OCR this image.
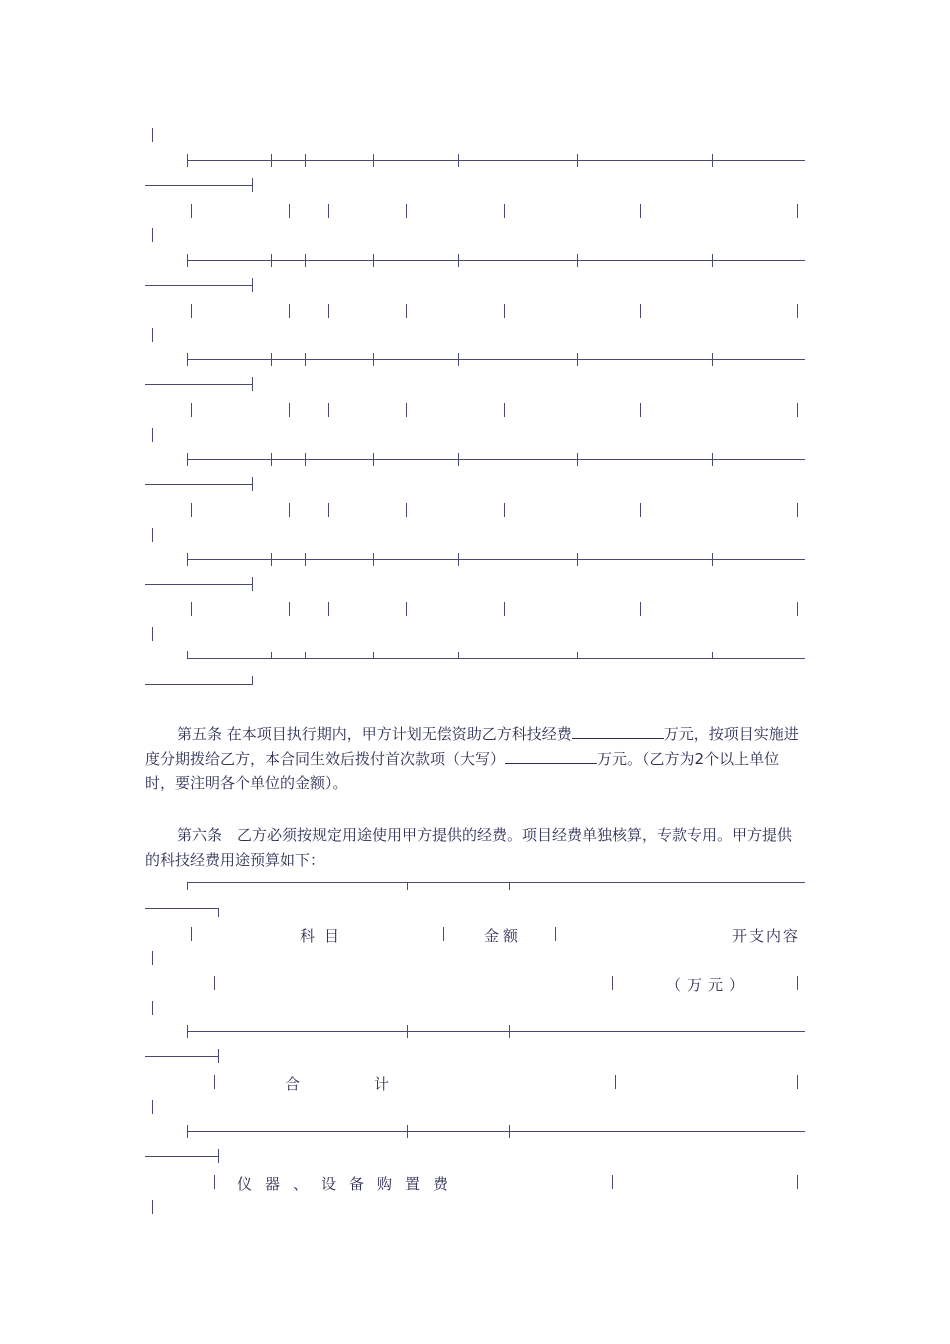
第五条 在本项目执行期内，甲方计划无偿资助乙方科技经费	万元，按项目实施进度分期拨给乙方，本合同生效后拨付首次款项（大写）	万元。（乙方为2个以上单位时，要注明各个单位的金额）。
第六条　乙方必须按规定用途使用甲方提供的经费。项目经费单独核算，专款专用。甲方提供的科技经费用途预算如下：
科目	金额	开支内容
（万元）
合计
仪器、设备购置费
